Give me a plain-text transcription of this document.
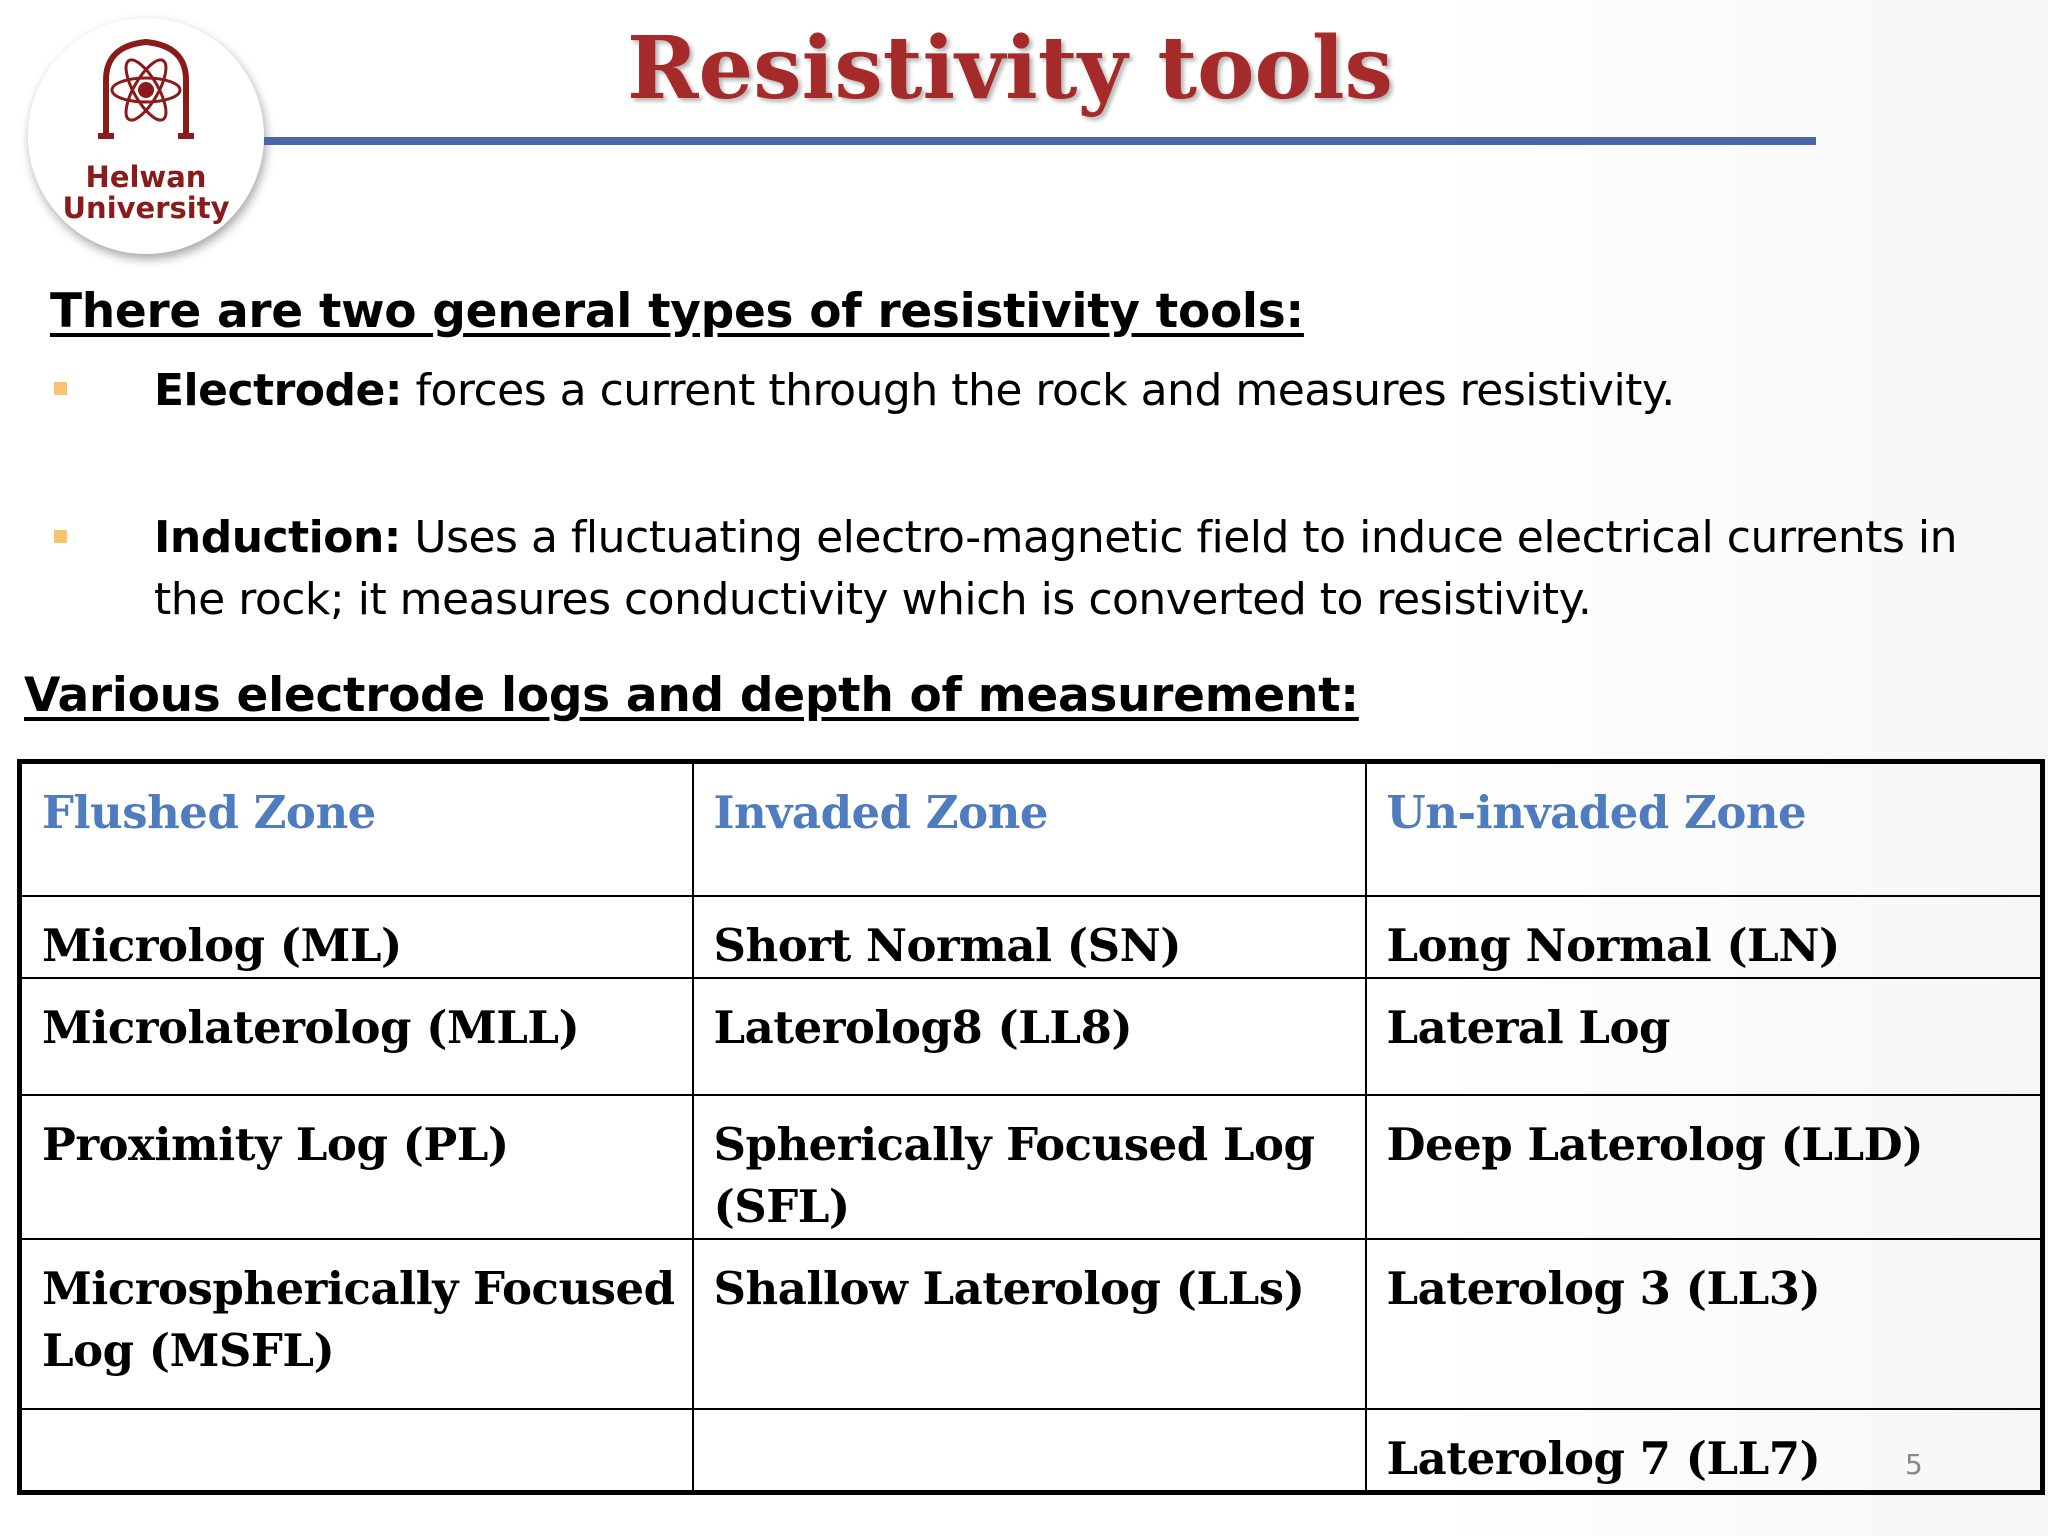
Helwan
University
Resistivity tools
There are two general types of resistivity tools:
Electrode: forces a current through the rock and measures resistivity.
Induction: Uses a fluctuating electro-magnetic field to induce electrical currents in the rock; it measures conductivity which is converted to resistivity.
Various electrode logs and depth of measurement:
Flushed Zone	Invaded Zone	Un-invaded Zone
Microlog (ML)	Short Normal (SN)	Long Normal (LN)
Microlaterolog (MLL)	Laterolog8 (LL8)	Lateral Log
Proximity Log (PL)	Spherically Focused Log (SFL)	Deep Laterolog (LLD)
Microspherically Focused Log (MSFL)	Shallow Laterolog (LLs)	Laterolog 3 (LL3)
		Laterolog 7 (LL7)	5
